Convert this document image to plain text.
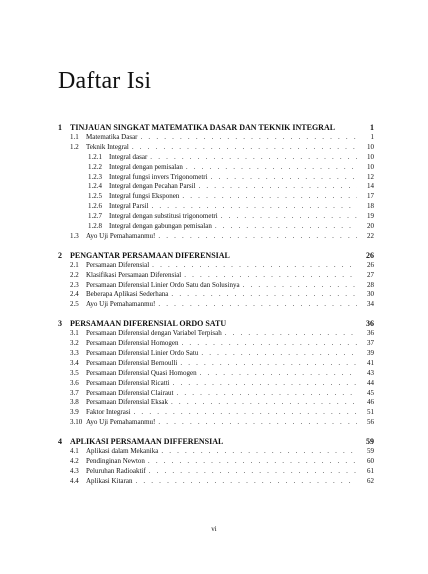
Daftar Isi
1	TINJAUAN SINGKAT MATEMATIKA DASAR DAN TEKNIK INTEGRAL	1
1.1	Matematika Dasar . . .	1
1.2	Teknik Integral . . .	10
1.2.1	Integral dasar . . .	10
1.2.2	Integral dengan pemisalan . . .	10
1.2.3	Integral fungsi invers Trigonometri . . .	12
1.2.4	Integral dengan Pecahan Parsil . . .	14
1.2.5	Integral fungsi Eksponen . . .	17
1.2.6	Integral Parsil . . .	18
1.2.7	Integral dengan substitusi trigonometri . . .	19
1.2.8	Integral dengan gabungan pemisalan . . .	20
1.3	Ayo Uji Pemahamanmu! . . .	22
2	PENGANTAR PERSAMAAN DIFERENSIAL	26
2.1	Persamaan Diferensial . . .	26
2.2	Klasifikasi Persamaan Diferensial . . .	27
2.3	Persamaan Diferensial Linier Ordo Satu dan Solusinya . . .	28
2.4	Beberapa Aplikasi Sederhana . . .	30
2.5	Ayo Uji Pemahamanmu! . . .	34
3	PERSAMAAN DIFERENSIAL ORDO SATU	36
3.1	Persamaan Diferensial dengan Variabel Terpisah . . .	36
3.2	Persamaan Diferensial Homogen . . .	37
3.3	Persamaan Diferensial Linier Ordo Satu . . .	39
3.4	Persamaan Diferensial Bernoulli . . .	41
3.5	Persamaan Diferensial Quasi Homogen . . .	43
3.6	Persamaan Diferensial Ricatti . . .	44
3.7	Persamaan Diferensial Clairaut . . .	45
3.8	Persamaan Diferensial Eksak . . .	46
3.9	Faktor Integrasi . . .	51
3.10 Ayo Uji Pemahamanmu! . . .	56
4	APLIKASI PERSAMAAN DIFFERENSIAL	59
4.1	Aplikasi dalam Mekanika . . .	59
4.2	Pendinginan Newton . . .	60
4.3	Peluruhan Radioaktif . . .	61
4.4	Aplikasi Kitaran . . .	62
vi
